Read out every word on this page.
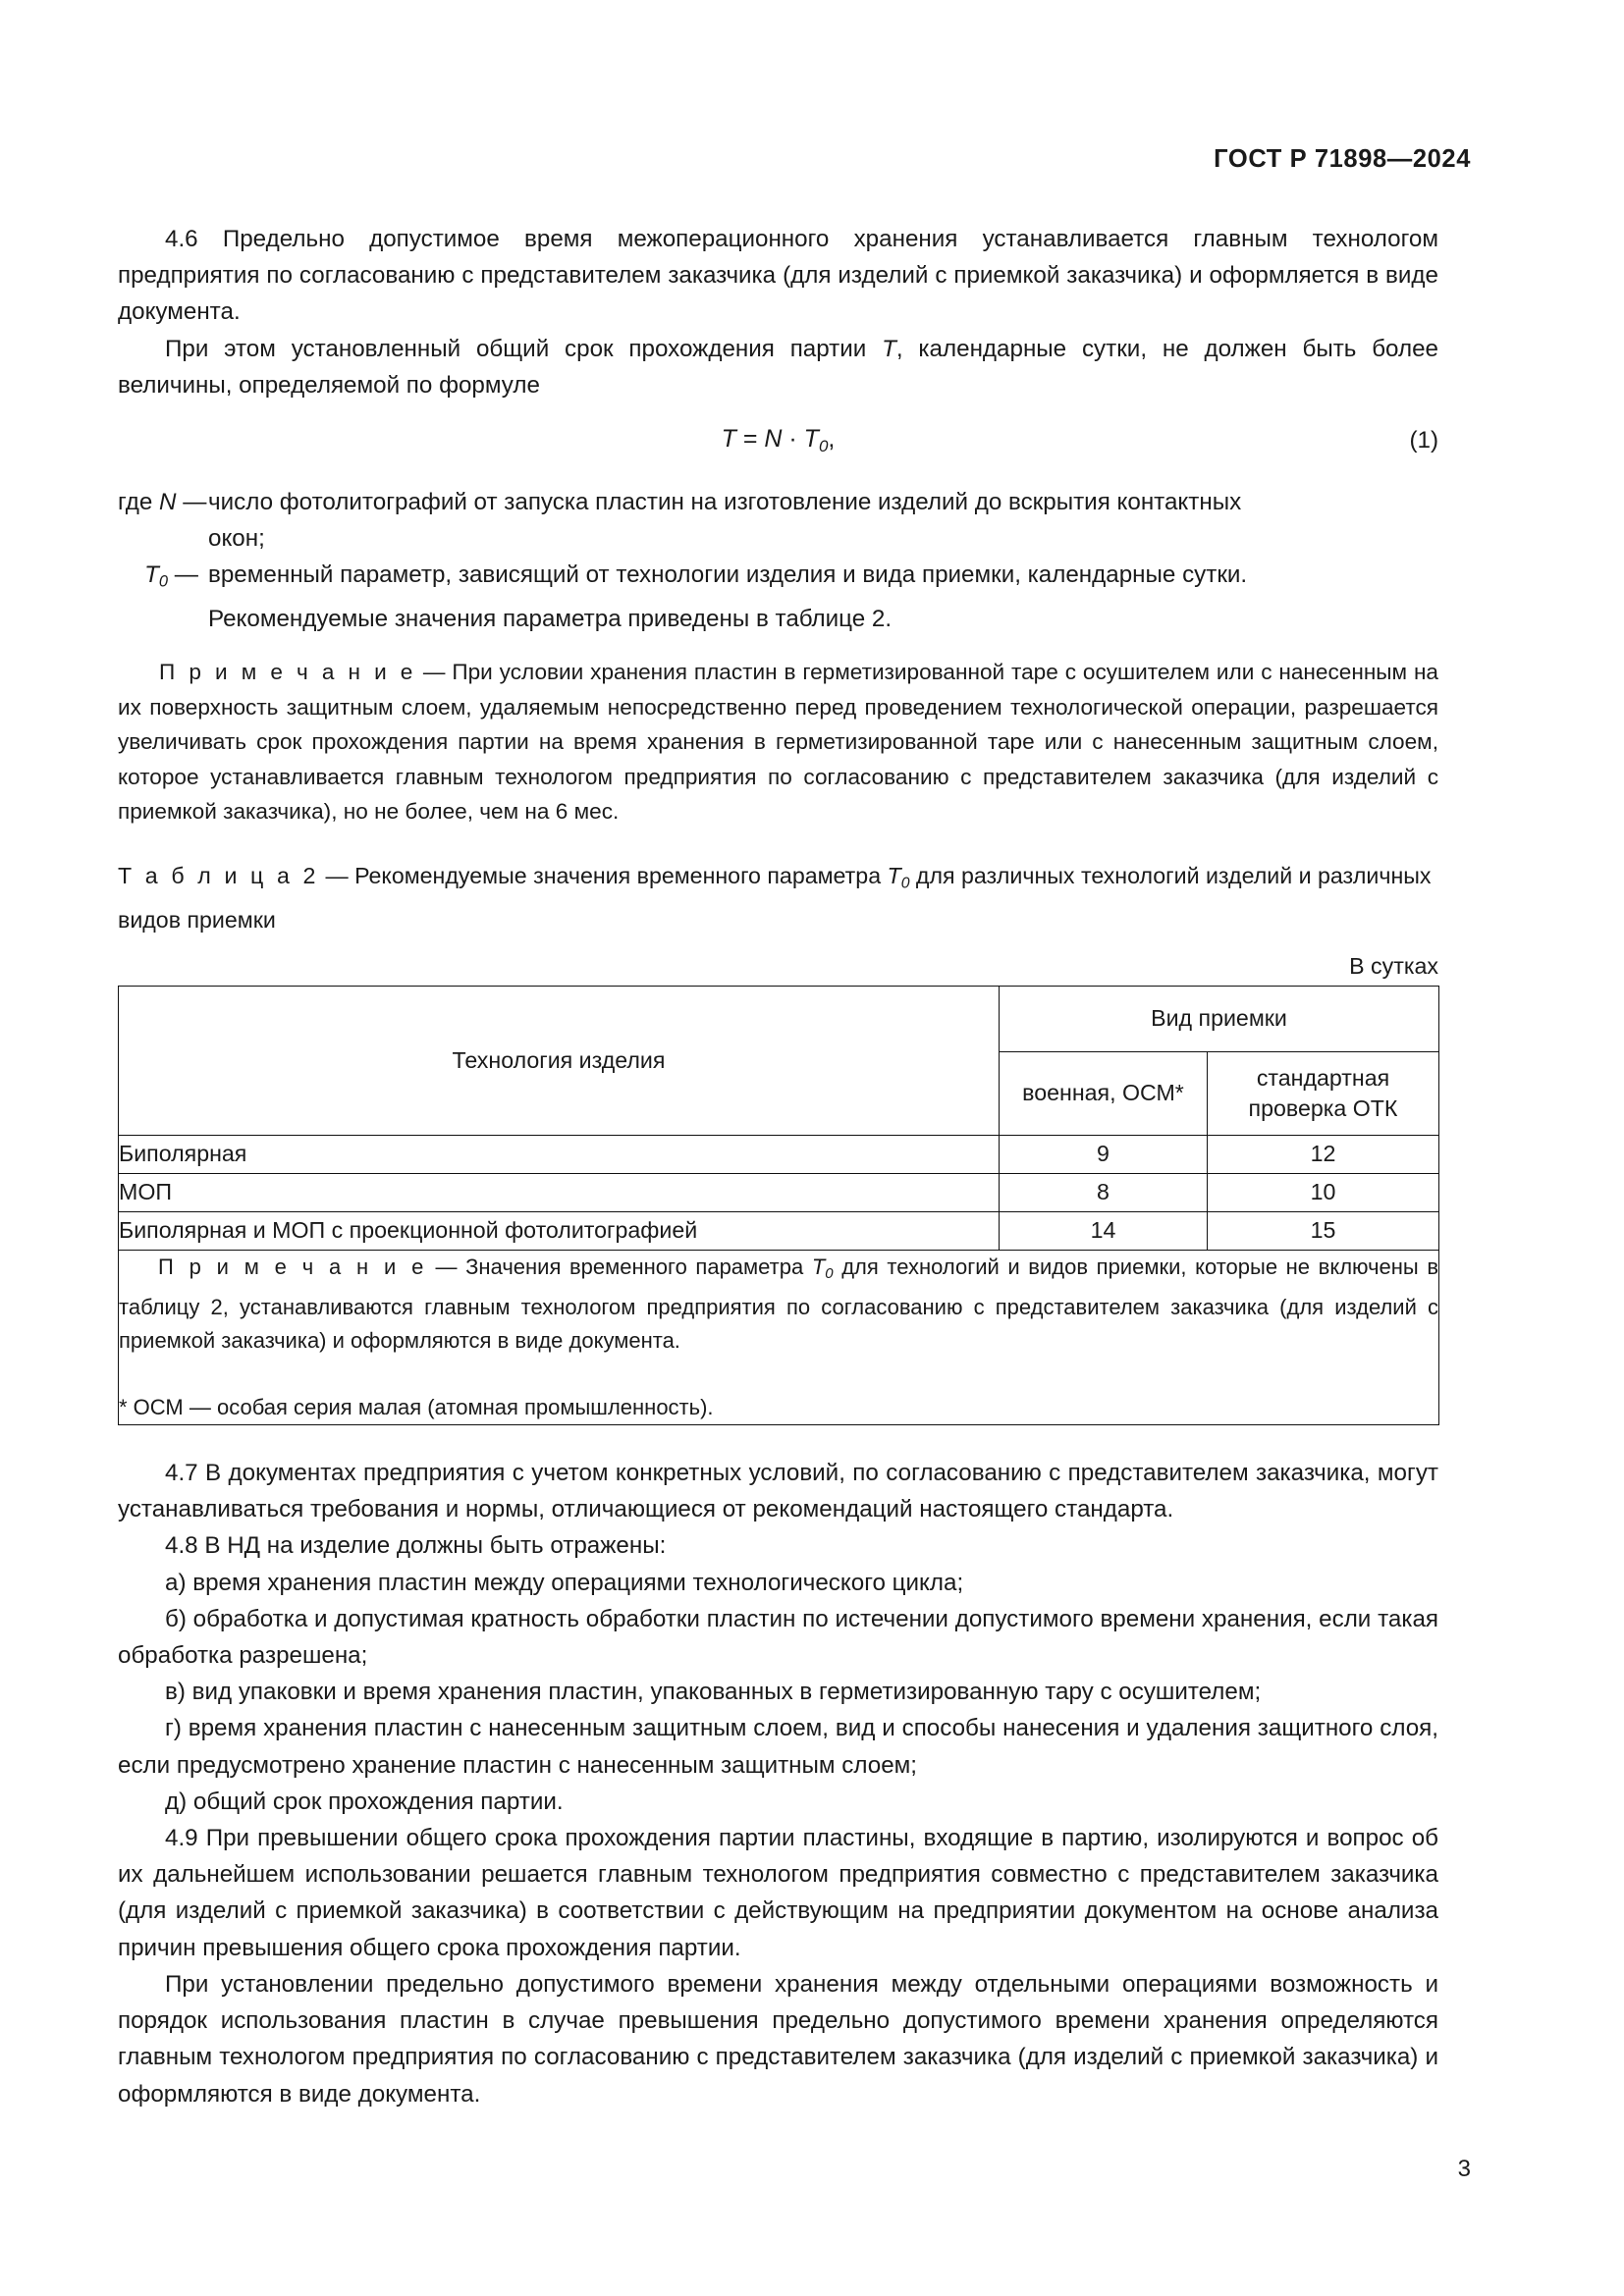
ГОСТ Р 71898—2024

4.6 Предельно допустимое время межоперационного хранения устанавливается главным технологом предприятия по согласованию с представителем заказчика (для изделий с приемкой заказчика) и оформляется в виде документа.

При этом установленный общий срок прохождения партии T, календарные сутки, не должен быть более величины, определяемой по формуле

$T = N \cdot T_0$,	(1)
где N — число фотолитографий от запуска пластин на изготовление изделий до вскрытия контактных
окон;
$T_0$ — временный параметр, зависящий от технологии изделия и вида приемки, календарные сутки.
Рекомендуемые значения параметра приведены в таблице 2.

П р и м е ч а н и е — При условии хранения пластин в герметизированной таре с осушителем или с нанесенным на их поверхность защитным слоем, удаляемым непосредственно перед проведением технологической операции, разрешается увеличивать срок прохождения партии на время хранения в герметизированной таре или с нанесенным защитным слоем, которое устанавливается главным технологом предприятия по согласованию с представителем заказчика (для изделий с приемкой заказчика), но не более, чем на 6 мес.

Т а б л и ц а 2 — Рекомендуемые значения временного параметра $T_0$ для различных технологий изделий и различных видов приемки

В сутках

Технология изделия	Вид приемки	
	военная, ОСМ*	стандартная
проверка ОТК
Биполярная	9	12
МОП	8	10
Биполярная и МОП с проекционной фотолитографией	14	15

П р и м е ч а н и е — Значения временного параметра $T_0$ для технологий и видов приемки, которые не включены в таблицу 2, устанавливаются главным технологом предприятия по согласованию с представителем заказчика (для изделий с приемкой заказчика) и оформляются в виде документа.

* ОСМ — особая серия малая (атомная промышленность).		

4.7 В документах предприятия с учетом конкретных условий, по согласованию с представителем заказчика, могут устанавливаться требования и нормы, отличающиеся от рекомендаций настоящего стандарта.

4.8 В НД на изделие должны быть отражены:

а) время хранения пластин между операциями технологического цикла;

б) обработка и допустимая кратность обработки пластин по истечении допустимого времени хранения, если такая обработка разрешена;

в) вид упаковки и время хранения пластин, упакованных в герметизированную тару с осушителем;

г) время хранения пластин с нанесенным защитным слоем, вид и способы нанесения и удаления защитного слоя, если предусмотрено хранение пластин с нанесенным защитным слоем;

д) общий срок прохождения партии.

4.9 При превышении общего срока прохождения партии пластины, входящие в партию, изолируются и вопрос об их дальнейшем использовании решается главным технологом предприятия совместно с представителем заказчика (для изделий с приемкой заказчика) в соответствии с действующим на предприятии документом на основе анализа причин превышения общего срока прохождения партии.

При установлении предельно допустимого времени хранения между отдельными операциями возможность и порядок использования пластин в случае превышения предельно допустимого времени хранения определяются главным технологом предприятия по согласованию с представителем заказчика (для изделий с приемкой заказчика) и оформляются в виде документа.

3
